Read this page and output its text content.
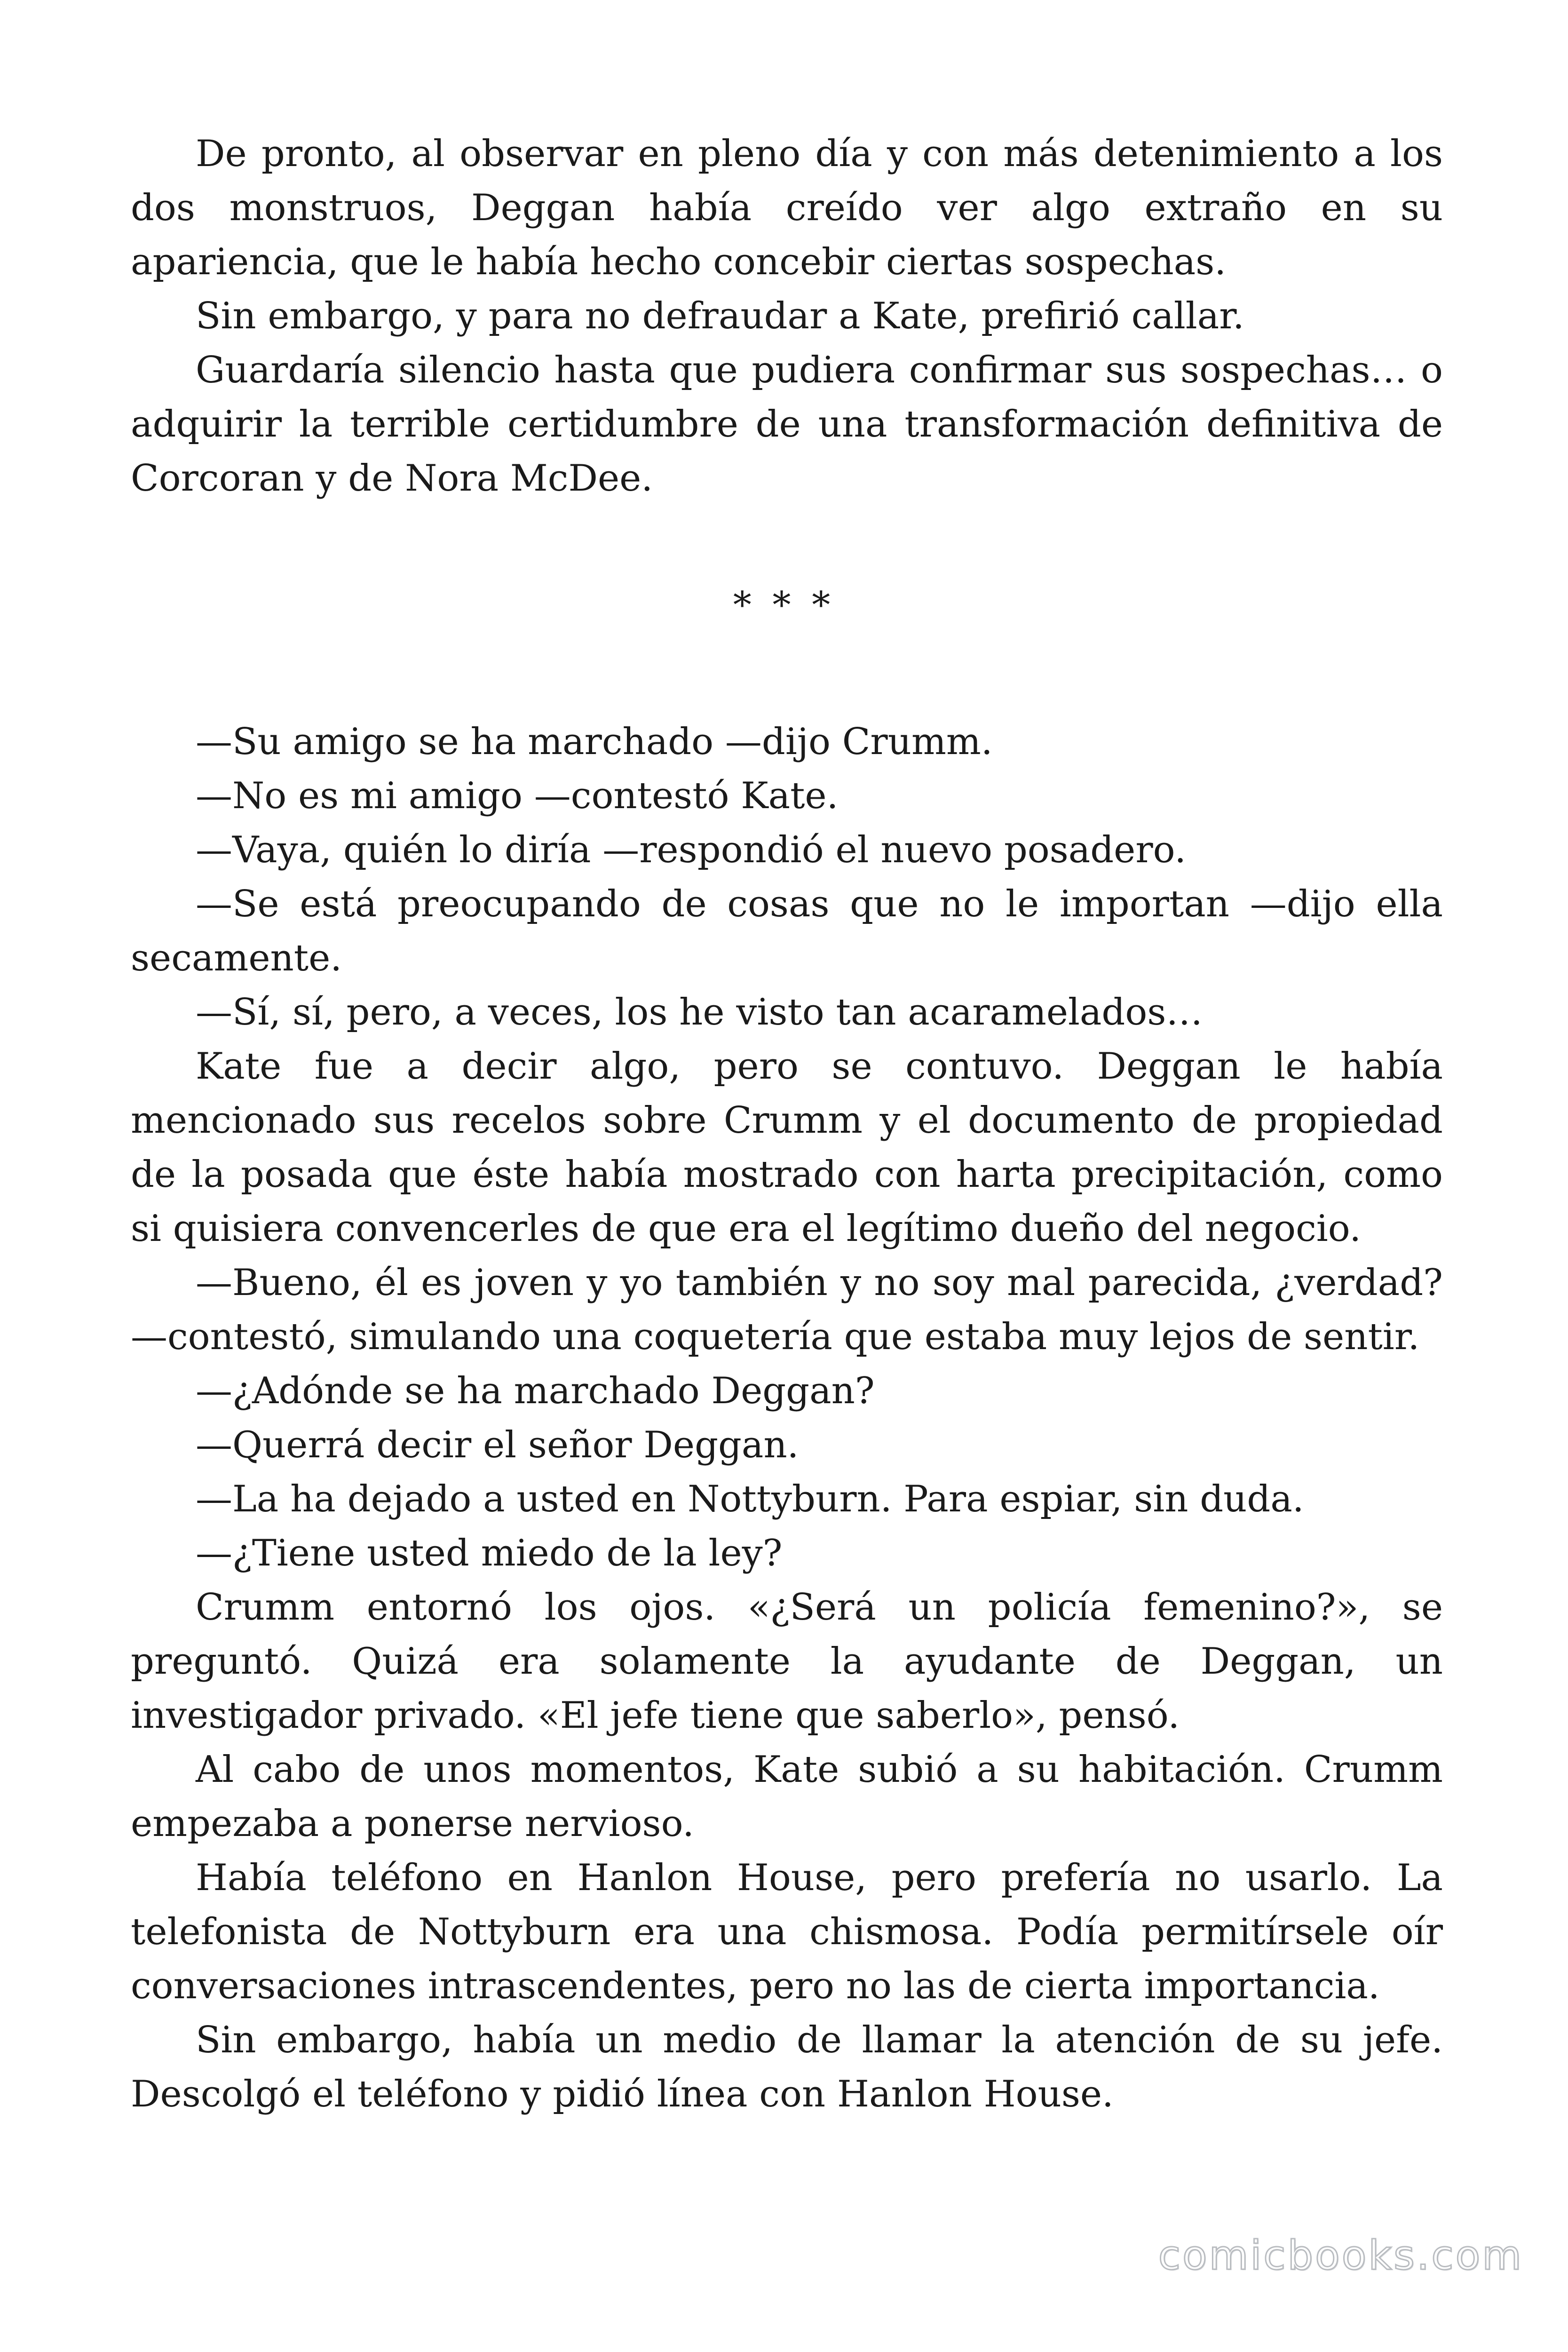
De pronto, al observar en pleno día y con más detenimiento a los dos monstruos, Deggan había creído ver algo extraño en su apariencia, que le había hecho concebir ciertas sospechas.

Sin embargo, y para no defraudar a Kate, prefirió callar.

Guardaría silencio hasta que pudiera confirmar sus sospechas… o adquirir la terrible certidumbre de una transformación definitiva de Corcoran y de Nora McDee.

* * *

—Su amigo se ha marchado —dijo Crumm.

—No es mi amigo —contestó Kate.

—Vaya, quién lo diría —respondió el nuevo posadero.

—Se está preocupando de cosas que no le importan —dijo ella secamente.

—Sí, sí, pero, a veces, los he visto tan acaramelados…

Kate fue a decir algo, pero se contuvo. Deggan le había mencionado sus recelos sobre Crumm y el documento de propiedad de la posada que éste había mostrado con harta precipitación, como si quisiera convencerles de que era el legítimo dueño del negocio.

—Bueno, él es joven y yo también y no soy mal parecida, ¿verdad? —contestó, simulando una coquetería que estaba muy lejos de sentir.

—¿Adónde se ha marchado Deggan?

—Querrá decir el señor Deggan.

—La ha dejado a usted en Nottyburn. Para espiar, sin duda.

—¿Tiene usted miedo de la ley?

Crumm entornó los ojos. «¿Será un policía femenino?», se preguntó. Quizá era solamente la ayudante de Deggan, un investigador privado. «El jefe tiene que saberlo», pensó.

Al cabo de unos momentos, Kate subió a su habitación. Crumm empezaba a ponerse nervioso.

Había teléfono en Hanlon House, pero prefería no usarlo. La telefonista de Nottyburn era una chismosa. Podía permitírsele oír conversaciones intrascendentes, pero no las de cierta importancia.

Sin embargo, había un medio de llamar la atención de su jefe. Descolgó el teléfono y pidió línea con Hanlon House.

comicbooks.com
